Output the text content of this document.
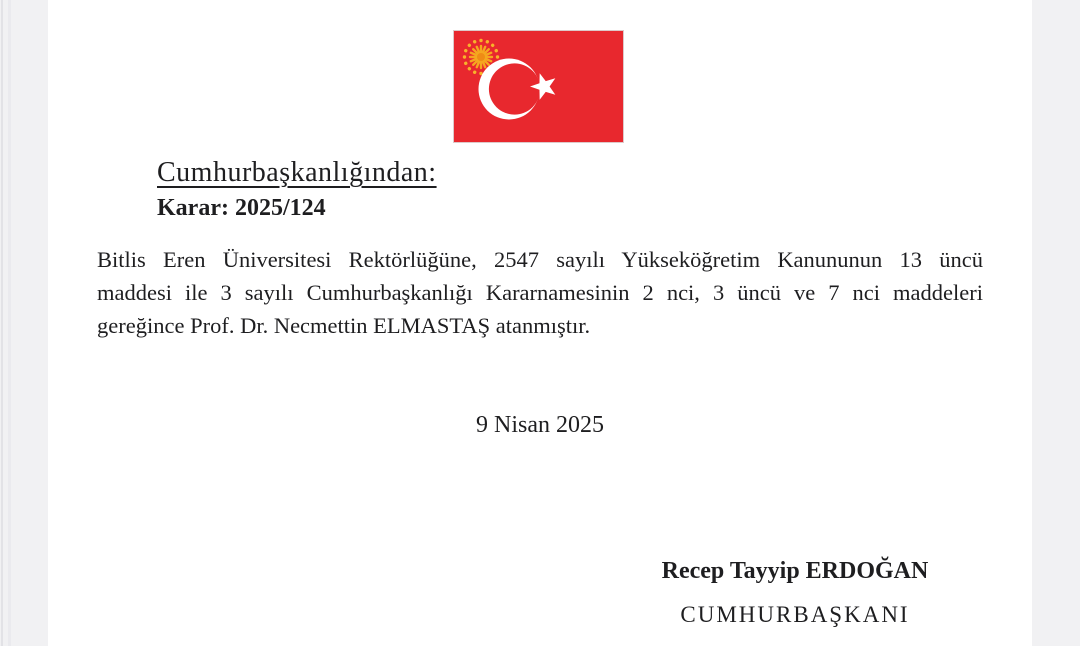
Cumhurbaşkanlığından:
Karar: 2025/124
Bitlis Eren Üniversitesi Rektörlüğüne, 2547 sayılı Yükseköğretim Kanununun 13 üncü
maddesi ile 3 sayılı Cumhurbaşkanlığı Kararnamesinin 2 nci, 3 üncü ve 7 nci maddeleri
gereğince Prof. Dr. Necmettin ELMASTAŞ atanmıştır.
9 Nisan 2025
Recep Tayyip ERDOĞAN
CUMHURBAŞKANI
